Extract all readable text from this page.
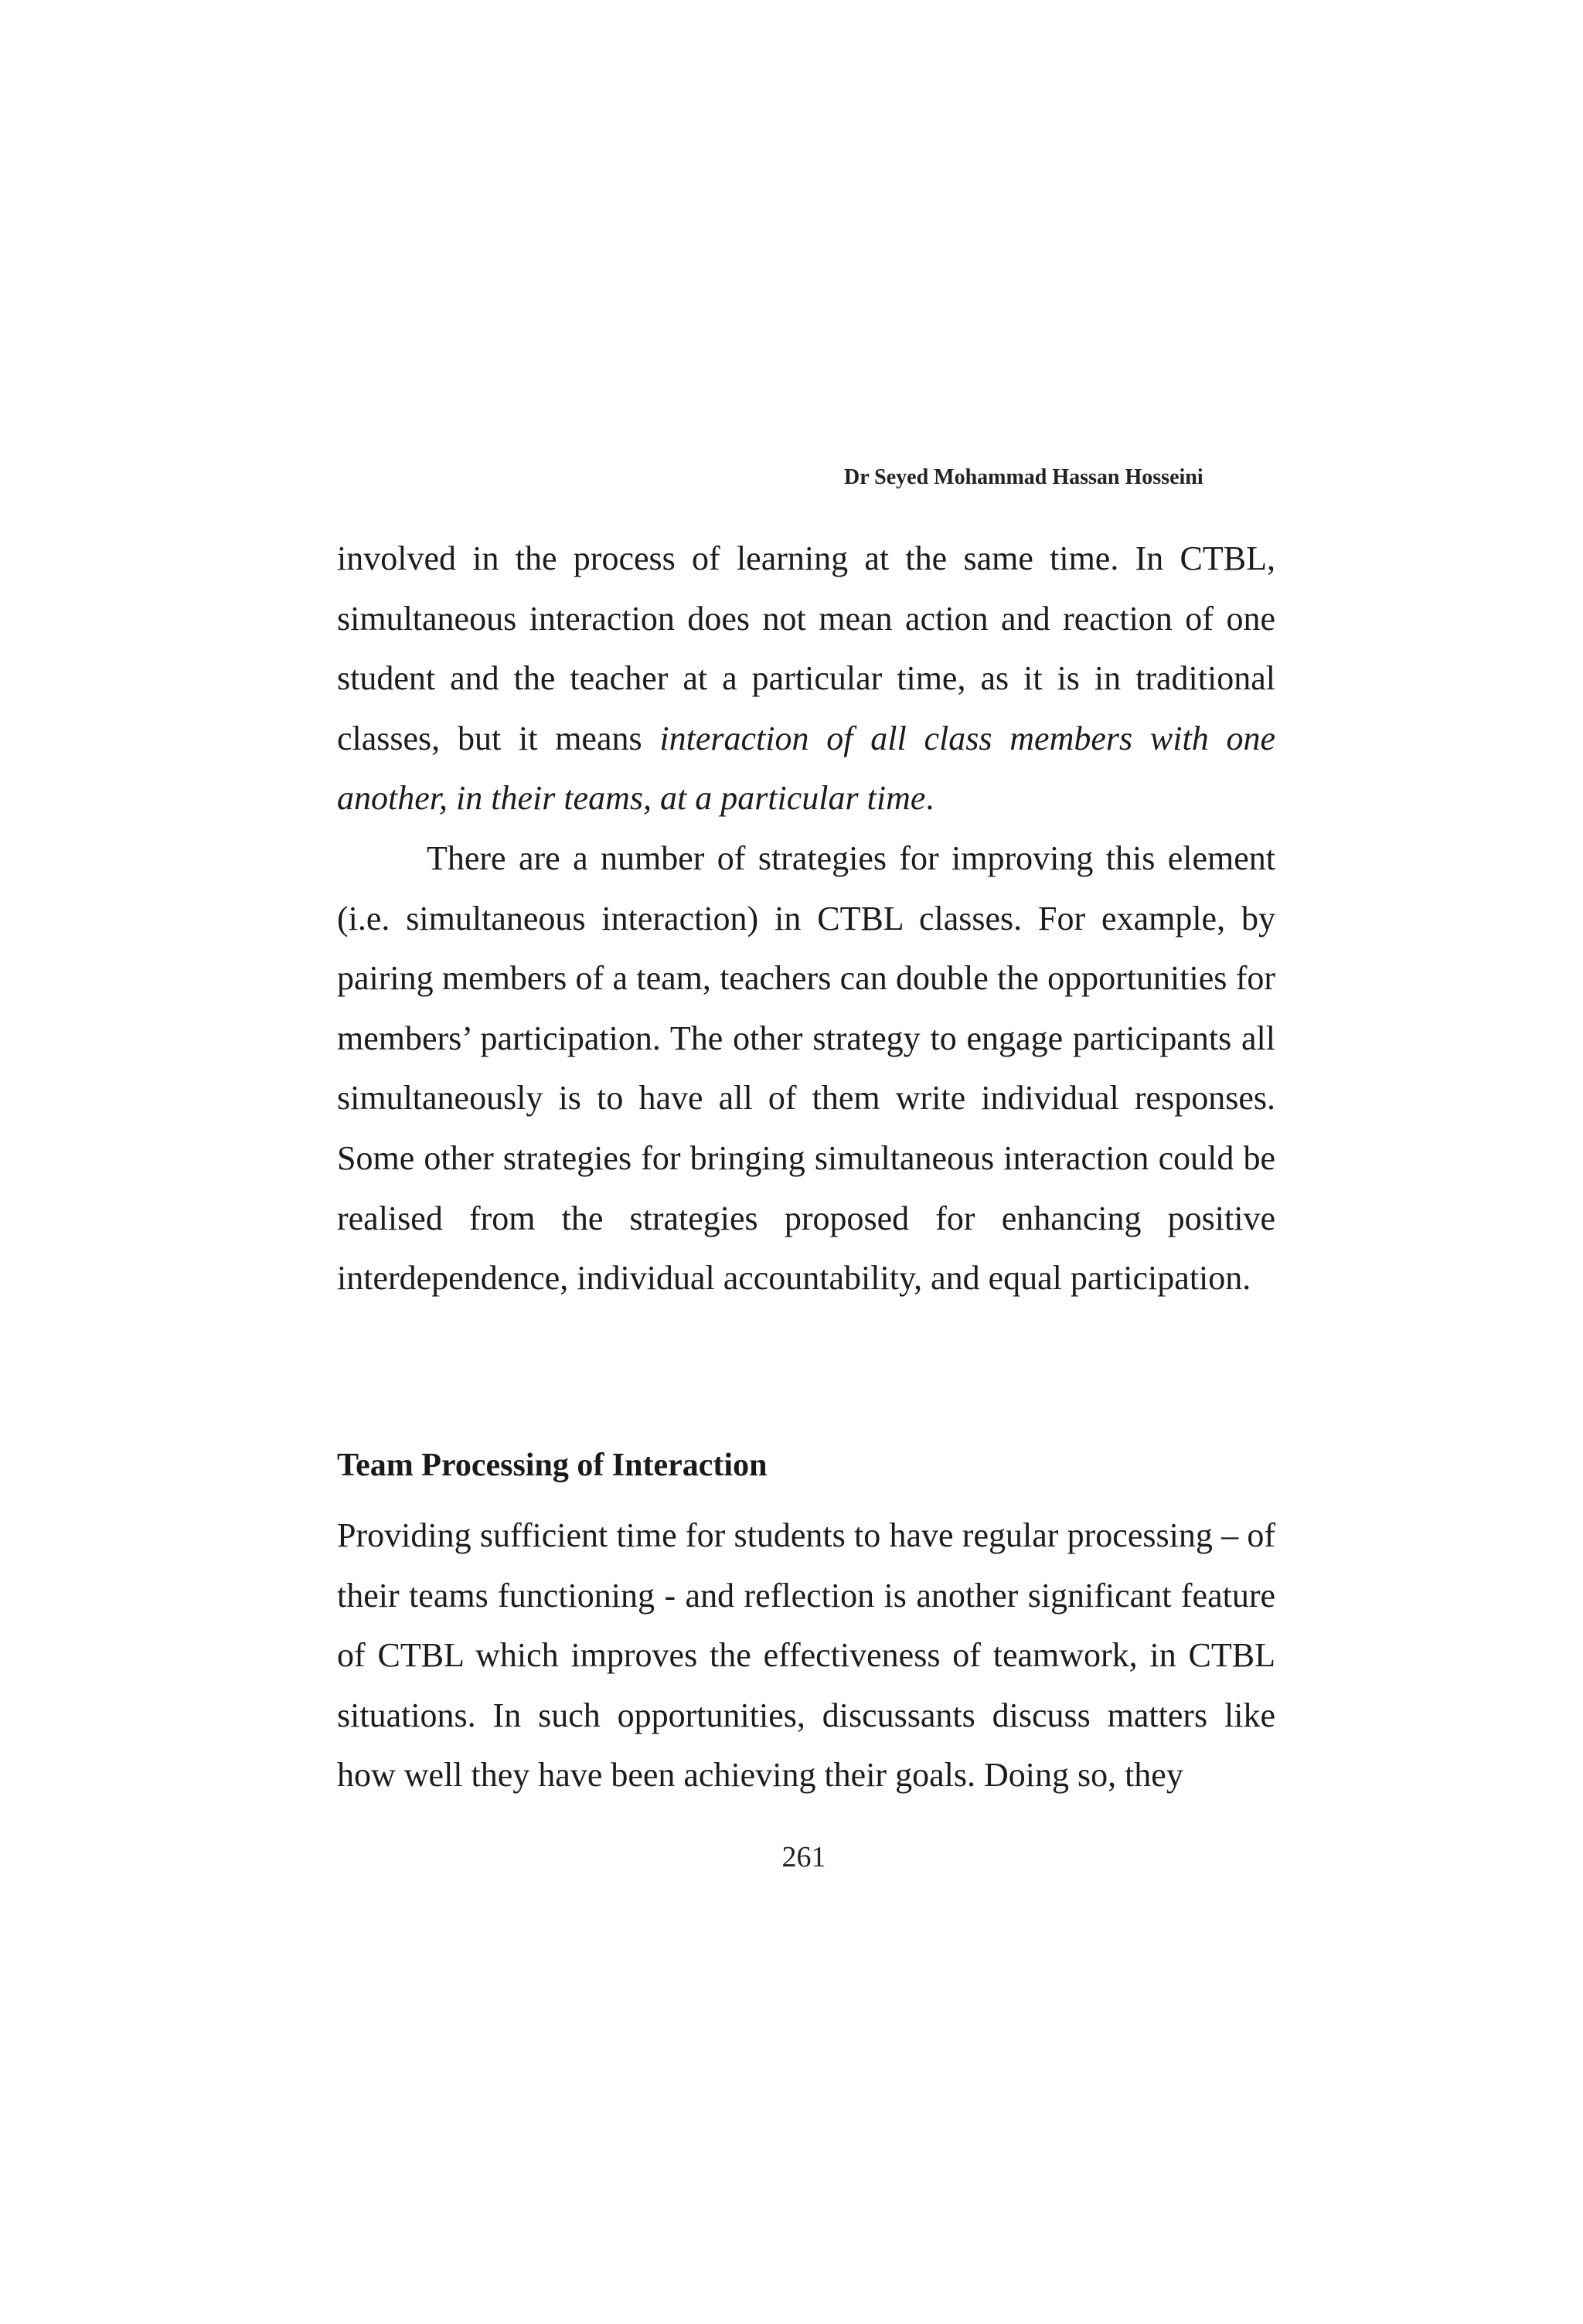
Dr Seyed Mohammad Hassan Hosseini

involved in the process of learning at the same time. In CTBL, simultaneous interaction does not mean action and reaction of one student and the teacher at a particular time, as it is in traditional classes, but it means interaction of all class members with one another, in their teams, at a particular time.

There are a number of strategies for improving this element (i.e. simultaneous interaction) in CTBL classes. For example, by pairing members of a team, teachers can double the opportunities for members’ participation. The other strategy to engage participants all simultaneously is to have all of them write individual responses. Some other strategies for bringing simultaneous interaction could be realised from the strategies proposed for enhancing positive interdependence, individual accountability, and equal participation.

Team Processing of Interaction

Providing sufficient time for students to have regular processing – of their teams functioning - and reflection is another significant feature of CTBL which improves the effectiveness of teamwork, in CTBL situations. In such opportunities, discussants discuss matters like how well they have been achieving their goals. Doing so, they

261
